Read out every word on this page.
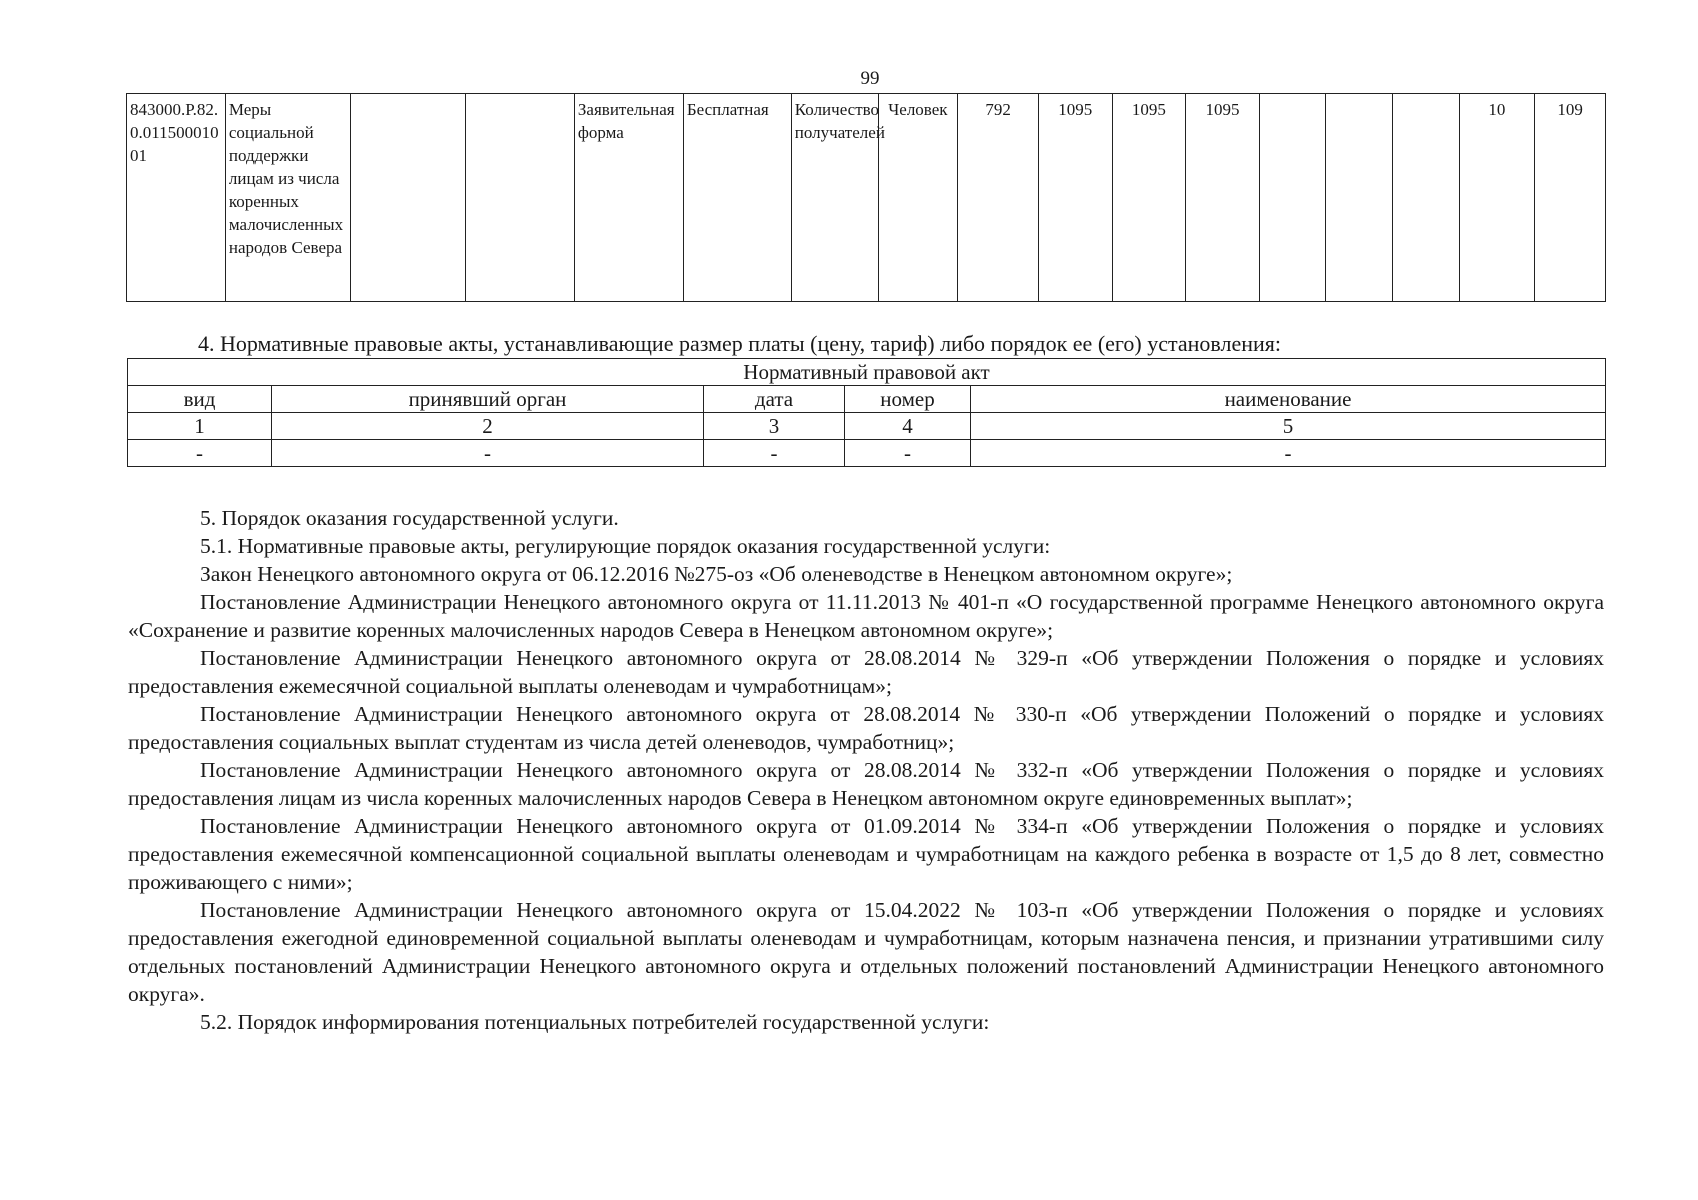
99
843000.Р.82.0.01150001001	Меры социальной поддержки лицам из числа коренных малочисленных народов Севера			Заявительная форма	Бесплатная	Количество получателей	Человек	792	1095	1095	1095				10	109
4. Нормативные правовые акты, устанавливающие размер платы (цену, тариф) либо порядок ее (его) установления:
Нормативный правовой акт				
вид	принявший орган	дата	номер	наименование
1	2	3	4	5
-	-	-	-	-

5. Порядок оказания государственной услуги.

5.1. Нормативные правовые акты, регулирующие порядок оказания государственной услуги:

Закон Ненецкого автономного округа от 06.12.2016 №275-оз «Об оленеводстве в Ненецком автономном округе»;

Постановление Администрации Ненецкого автономного округа от 11.11.2013 № 401-п «О государственной программе Ненецкого автономного округа «Сохранение и развитие коренных малочисленных народов Севера в Ненецком автономном округе»;

Постановление Администрации Ненецкого автономного округа от 28.08.2014 № 329-п «Об утверждении Положения о порядке и условиях предоставления ежемесячной социальной выплаты оленеводам и чумработницам»;

Постановление Администрации Ненецкого автономного округа от 28.08.2014 № 330-п «Об утверждении Положений о порядке и условиях предоставления социальных выплат студентам из числа детей оленеводов, чумработниц»;

Постановление Администрации Ненецкого автономного округа от 28.08.2014 № 332-п «Об утверждении Положения о порядке и условиях предоставления лицам из числа коренных малочисленных народов Севера в Ненецком автономном округе единовременных выплат»;

Постановление Администрации Ненецкого автономного округа от 01.09.2014 № 334-п «Об утверждении Положения о порядке и условиях предоставления ежемесячной компенсационной социальной выплаты оленеводам и чумработницам на каждого ребенка в возрасте от 1,5 до 8 лет, совместно проживающего с ними»;

Постановление Администрации Ненецкого автономного округа от 15.04.2022 № 103-п «Об утверждении Положения о порядке и условиях предоставления ежегодной единовременной социальной выплаты оленеводам и чумработницам, которым назначена пенсия, и признании утратившими силу отдельных постановлений Администрации Ненецкого автономного округа и отдельных положений постановлений Администрации Ненецкого автономного округа».

5.2. Порядок информирования потенциальных потребителей государственной услуги:
